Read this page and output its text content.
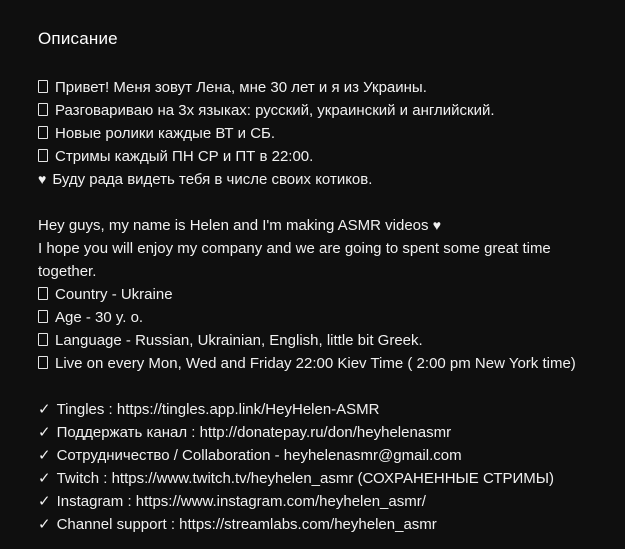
Описание
Привет! Меня зовут Лена, мне 30 лет и я из Украины.
Разговариваю на 3х языках: русский, украинский и английский.
Новые ролики каждые ВТ и СБ.
Стримы каждый ПН СР и ПТ в 22:00.
♥ Буду рада видеть тебя в числе своих котиков.
Hey guys, my name is Helen and I'm making ASMR videos ♥
I hope you will enjoy my company and we are going to spent some great time
together.
Country - Ukraine
Age - 30 y. o.
Language - Russian, Ukrainian, English, little bit Greek.
Live on every Mon, Wed and Friday 22:00 Kiev Time ( 2:00 pm New York time)
✓ Tingles : https://tingles.app.link/HeyHelen-ASMR
✓ Поддержать канал : http://donatepay.ru/don/heyhelenasmr
✓ Сотрудничество / Collaboration - heyhelenasmr@gmail.com
✓ Twitch : https://www.twitch.tv/heyhelen_asmr (СОХРАНЕННЫЕ СТРИМЫ)
✓ Instagram : https://www.instagram.com/heyhelen_asmr/
✓ Channel support : https://streamlabs.com/heyhelen_asmr
